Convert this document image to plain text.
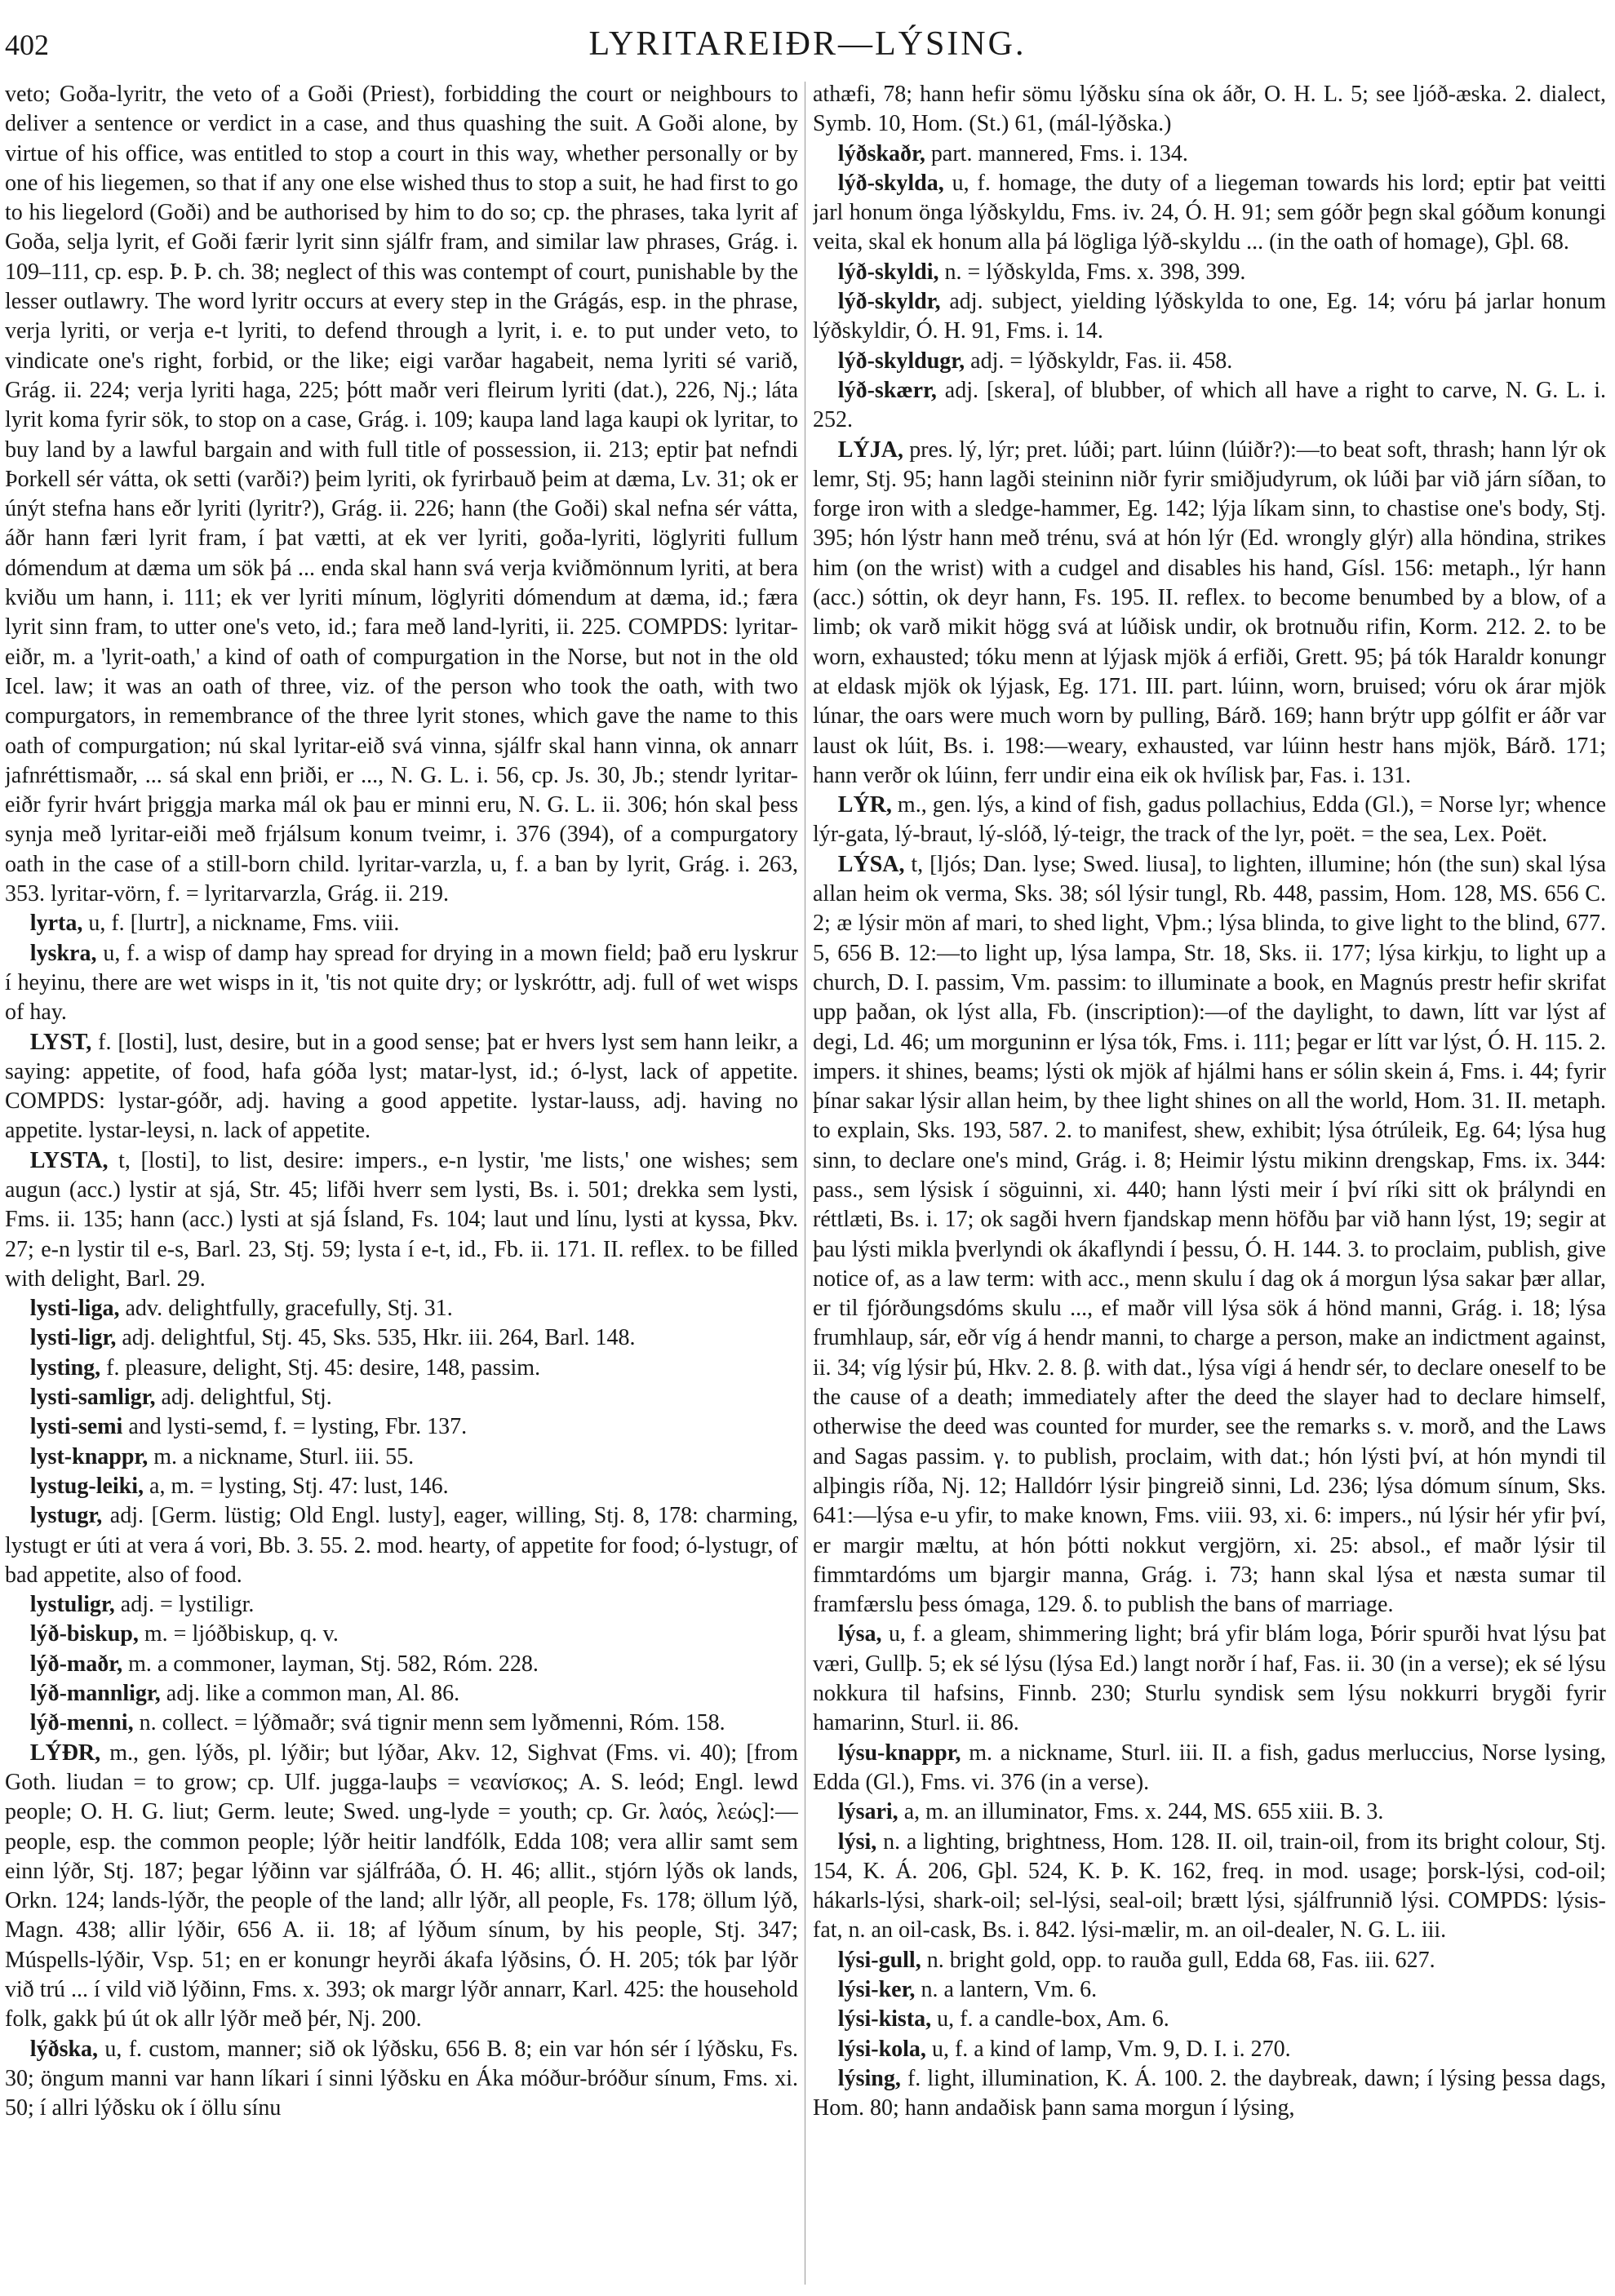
402	LYRITAREIÐR—LÝSING.

veto; Goða-lyritr, the veto of a Goði (Priest), forbidding the court or neighbours to deliver a sentence or verdict in a case, and thus quashing the suit. A Goði alone, by virtue of his office, was entitled to stop a court in this way, whether personally or by one of his liegemen, so that if any one else wished thus to stop a suit, he had first to go to his liegelord (Goði) and be authorised by him to do so; cp. the phrases, taka lyrit af Goða, selja lyrit, ef Goði færir lyrit sinn sjálfr fram, and similar law phrases, Grág. i. 109–111, cp. esp. Þ. Þ. ch. 38; neglect of this was contempt of court, punishable by the lesser outlawry. The word lyritr occurs at every step in the Grágás, esp. in the phrase, verja lyriti, or verja e-t lyriti, to defend through a lyrit, i. e. to put under veto, to vindicate one's right, forbid, or the like; eigi varðar hagabeit, nema lyriti sé varið, Grág. ii. 224; verja lyriti haga, 225; þótt maðr veri fleirum lyriti (dat.), 226, Nj.; láta lyrit koma fyrir sök, to stop on a case, Grág. i. 109; kaupa land laga kaupi ok lyritar, to buy land by a lawful bargain and with full title of possession, ii. 213; eptir þat nefndi Þorkell sér vátta, ok setti (varði?) þeim lyriti, ok fyrirbauð þeim at dæma, Lv. 31; ok er únýt stefna hans eðr lyriti (lyritr?), Grág. ii. 226; hann (the Goði) skal nefna sér vátta, áðr hann færi lyrit fram, í þat vætti, at ek ver lyriti, goða-lyriti, löglyriti fullum dómendum at dæma um sök þá ... enda skal hann svá verja kviðmönnum lyriti, at bera kviðu um hann, i. 111; ek ver lyriti mínum, löglyriti dómendum at dæma, id.; færa lyrit sinn fram, to utter one's veto, id.; fara með land-lyriti, ii. 225. COMPDS: lyritar-eiðr, m. a 'lyrit-oath,' a kind of oath of compurgation in the Norse, but not in the old Icel. law; it was an oath of three, viz. of the person who took the oath, with two compurgators, in remembrance of the three lyrit stones, which gave the name to this oath of compurgation; nú skal lyritar-eið svá vinna, sjálfr skal hann vinna, ok annarr jafnréttismaðr, ... sá skal enn þriði, er ..., N. G. L. i. 56, cp. Js. 30, Jb.; stendr lyritar-eiðr fyrir hvárt þriggja marka mál ok þau er minni eru, N. G. L. ii. 306; hón skal þess synja með lyritar-eiði með frjálsum konum tveimr, i. 376 (394), of a compurgatory oath in the case of a still-born child. lyritar-varzla, u, f. a ban by lyrit, Grág. i. 263, 353. lyritar-vörn, f. = lyritarvarzla, Grág. ii. 219.

lyrta, u, f. [lurtr], a nickname, Fms. viii.

lyskra, u, f. a wisp of damp hay spread for drying in a mown field; það eru lyskrur í heyinu, there are wet wisps in it, 'tis not quite dry; or lyskróttr, adj. full of wet wisps of hay.

LYST, f. [losti], lust, desire, but in a good sense; þat er hvers lyst sem hann leikr, a saying: appetite, of food, hafa góða lyst; matar-lyst, id.; ó-lyst, lack of appetite. COMPDS: lystar-góðr, adj. having a good appetite. lystar-lauss, adj. having no appetite. lystar-leysi, n. lack of appetite.

LYSTA, t, [losti], to list, desire: impers., e-n lystir, 'me lists,' one wishes; sem augun (acc.) lystir at sjá, Str. 45; lifði hverr sem lysti, Bs. i. 501; drekka sem lysti, Fms. ii. 135; hann (acc.) lysti at sjá Ísland, Fs. 104; laut und línu, lysti at kyssa, Þkv. 27; e-n lystir til e-s, Barl. 23, Stj. 59; lysta í e-t, id., Fb. ii. 171. II. reflex. to be filled with delight, Barl. 29.

lysti-liga, adv. delightfully, gracefully, Stj. 31.

lysti-ligr, adj. delightful, Stj. 45, Sks. 535, Hkr. iii. 264, Barl. 148.

lysting, f. pleasure, delight, Stj. 45: desire, 148, passim.

lysti-samligr, adj. delightful, Stj.

lysti-semi and lysti-semd, f. = lysting, Fbr. 137.

lyst-knappr, m. a nickname, Sturl. iii. 55.

lystug-leiki, a, m. = lysting, Stj. 47: lust, 146.

lystugr, adj. [Germ. lüstig; Old Engl. lusty], eager, willing, Stj. 8, 178: charming, lystugt er úti at vera á vori, Bb. 3. 55. 2. mod. hearty, of appetite for food; ó-lystugr, of bad appetite, also of food.

lystuligr, adj. = lystiligr.

lýð-biskup, m. = ljóðbiskup, q. v.

lýð-maðr, m. a commoner, layman, Stj. 582, Róm. 228.

lýð-mannligr, adj. like a common man, Al. 86.

lýð-menni, n. collect. = lýðmaðr; svá tignir menn sem lyðmenni, Róm. 158.

LÝÐR, m., gen. lýðs, pl. lýðir; but lýðar, Akv. 12, Sighvat (Fms. vi. 40); [from Goth. liudan = to grow; cp. Ulf. jugga-lauþs = νεανίσκος; A. S. leód; Engl. lewd people; O. H. G. liut; Germ. leute; Swed. ung-lyde = youth; cp. Gr. λαός, λεώς]:—people, esp. the common people; lýðr heitir landfólk, Edda 108; vera allir samt sem einn lýðr, Stj. 187; þegar lýðinn var sjálfráða, Ó. H. 46; allit., stjórn lýðs ok lands, Orkn. 124; lands-lýðr, the people of the land; allr lýðr, all people, Fs. 178; öllum lýð, Magn. 438; allir lýðir, 656 A. ii. 18; af lýðum sínum, by his people, Stj. 347; Múspells-lýðir, Vsp. 51; en er konungr heyrði ákafa lýðsins, Ó. H. 205; tók þar lýðr við trú ... í vild við lýðinn, Fms. x. 393; ok margr lýðr annarr, Karl. 425: the household folk, gakk þú út ok allr lýðr með þér, Nj. 200.

lýðska, u, f. custom, manner; sið ok lýðsku, 656 B. 8; ein var hón sér í lýðsku, Fs. 30; öngum manni var hann líkari í sinni lýðsku en Áka móður-bróður sínum, Fms. xi. 50; í allri lýðsku ok í öllu sínu

athæfi, 78; hann hefir sömu lýðsku sína ok áðr, O. H. L. 5; see ljóð-æska. 2. dialect, Symb. 10, Hom. (St.) 61, (mál-lýðska.)

lýðskaðr, part. mannered, Fms. i. 134.

lýð-skylda, u, f. homage, the duty of a liegeman towards his lord; eptir þat veitti jarl honum önga lýðskyldu, Fms. iv. 24, Ó. H. 91; sem góðr þegn skal góðum konungi veita, skal ek honum alla þá lögliga lýð-skyldu ... (in the oath of homage), Gþl. 68.

lýð-skyldi, n. = lýðskylda, Fms. x. 398, 399.

lýð-skyldr, adj. subject, yielding lýðskylda to one, Eg. 14; vóru þá jarlar honum lýðskyldir, Ó. H. 91, Fms. i. 14.

lýð-skyldugr, adj. = lýðskyldr, Fas. ii. 458.

lýð-skærr, adj. [skera], of blubber, of which all have a right to carve, N. G. L. i. 252.

LÝJA, pres. lý, lýr; pret. lúði; part. lúinn (lúiðr?):—to beat soft, thrash; hann lýr ok lemr, Stj. 95; hann lagði steininn niðr fyrir smiðjudyrum, ok lúði þar við járn síðan, to forge iron with a sledge-hammer, Eg. 142; lýja líkam sinn, to chastise one's body, Stj. 395; hón lýstr hann með trénu, svá at hón lýr (Ed. wrongly glýr) alla höndina, strikes him (on the wrist) with a cudgel and disables his hand, Gísl. 156: metaph., lýr hann (acc.) sóttin, ok deyr hann, Fs. 195. II. reflex. to become benumbed by a blow, of a limb; ok varð mikit högg svá at lúðisk undir, ok brotnuðu rifin, Korm. 212. 2. to be worn, exhausted; tóku menn at lýjask mjök á erfiði, Grett. 95; þá tók Haraldr konungr at eldask mjök ok lýjask, Eg. 171. III. part. lúinn, worn, bruised; vóru ok árar mjök lúnar, the oars were much worn by pulling, Bárð. 169; hann brýtr upp gólfit er áðr var laust ok lúit, Bs. i. 198:—weary, exhausted, var lúinn hestr hans mjök, Bárð. 171; hann verðr ok lúinn, ferr undir eina eik ok hvílisk þar, Fas. i. 131.

LÝR, m., gen. lýs, a kind of fish, gadus pollachius, Edda (Gl.), = Norse lyr; whence lýr-gata, lý-braut, lý-slóð, lý-teigr, the track of the lyr, poët. = the sea, Lex. Poët.

LÝSA, t, [ljós; Dan. lyse; Swed. liusa], to lighten, illumine; hón (the sun) skal lýsa allan heim ok verma, Sks. 38; sól lýsir tungl, Rb. 448, passim, Hom. 128, MS. 656 C. 2; æ lýsir mön af mari, to shed light, Vþm.; lýsa blinda, to give light to the blind, 677. 5, 656 B. 12:—to light up, lýsa lampa, Str. 18, Sks. ii. 177; lýsa kirkju, to light up a church, D. I. passim, Vm. passim: to illuminate a book, en Magnús prestr hefir skrifat upp þaðan, ok lýst alla, Fb. (inscription):—of the daylight, to dawn, lítt var lýst af degi, Ld. 46; um morguninn er lýsa tók, Fms. i. 111; þegar er lítt var lýst, Ó. H. 115. 2. impers. it shines, beams; lýsti ok mjök af hjálmi hans er sólin skein á, Fms. i. 44; fyrir þínar sakar lýsir allan heim, by thee light shines on all the world, Hom. 31. II. metaph. to explain, Sks. 193, 587. 2. to manifest, shew, exhibit; lýsa ótrúleik, Eg. 64; lýsa hug sinn, to declare one's mind, Grág. i. 8; Heimir lýstu mikinn drengskap, Fms. ix. 344: pass., sem lýsisk í söguinni, xi. 440; hann lýsti meir í því ríki sitt ok þrályndi en réttlæti, Bs. i. 17; ok sagði hvern fjandskap menn höfðu þar við hann lýst, 19; segir at þau lýsti mikla þverlyndi ok ákaflyndi í þessu, Ó. H. 144. 3. to proclaim, publish, give notice of, as a law term: with acc., menn skulu í dag ok á morgun lýsa sakar þær allar, er til fjórðungsdóms skulu ..., ef maðr vill lýsa sök á hönd manni, Grág. i. 18; lýsa frumhlaup, sár, eðr víg á hendr manni, to charge a person, make an indictment against, ii. 34; víg lýsir þú, Hkv. 2. 8. β. with dat., lýsa vígi á hendr sér, to declare oneself to be the cause of a death; immediately after the deed the slayer had to declare himself, otherwise the deed was counted for murder, see the remarks s. v. morð, and the Laws and Sagas passim. γ. to publish, proclaim, with dat.; hón lýsti því, at hón myndi til alþingis ríða, Nj. 12; Halldórr lýsir þingreið sinni, Ld. 236; lýsa dómum sínum, Sks. 641:—lýsa e-u yfir, to make known, Fms. viii. 93, xi. 6: impers., nú lýsir hér yfir því, er margir mæltu, at hón þótti nokkut vergjörn, xi. 25: absol., ef maðr lýsir til fimmtardóms um bjargir manna, Grág. i. 73; hann skal lýsa et næsta sumar til framfærslu þess ómaga, 129. δ. to publish the bans of marriage.

lýsa, u, f. a gleam, shimmering light; brá yfir blám loga, Þórir spurði hvat lýsu þat væri, Gullþ. 5; ek sé lýsu (lýsa Ed.) langt norðr í haf, Fas. ii. 30 (in a verse); ek sé lýsu nokkura til hafsins, Finnb. 230; Sturlu syndisk sem lýsu nokkurri brygði fyrir hamarinn, Sturl. ii. 86.

lýsu-knappr, m. a nickname, Sturl. iii. II. a fish, gadus merluccius, Norse lysing, Edda (Gl.), Fms. vi. 376 (in a verse).

lýsari, a, m. an illuminator, Fms. x. 244, MS. 655 xiii. B. 3.

lýsi, n. a lighting, brightness, Hom. 128. II. oil, train-oil, from its bright colour, Stj. 154, K. Á. 206, Gþl. 524, K. Þ. K. 162, freq. in mod. usage; þorsk-lýsi, cod-oil; hákarls-lýsi, shark-oil; sel-lýsi, seal-oil; brætt lýsi, sjálfrunnið lýsi. COMPDS: lýsis-fat, n. an oil-cask, Bs. i. 842. lýsi-mælir, m. an oil-dealer, N. G. L. iii.

lýsi-gull, n. bright gold, opp. to rauða gull, Edda 68, Fas. iii. 627.

lýsi-ker, n. a lantern, Vm. 6.

lýsi-kista, u, f. a candle-box, Am. 6.

lýsi-kola, u, f. a kind of lamp, Vm. 9, D. I. i. 270.

lýsing, f. light, illumination, K. Á. 100. 2. the daybreak, dawn; í lýsing þessa dags, Hom. 80; hann andaðisk þann sama morgun í lýsing,
